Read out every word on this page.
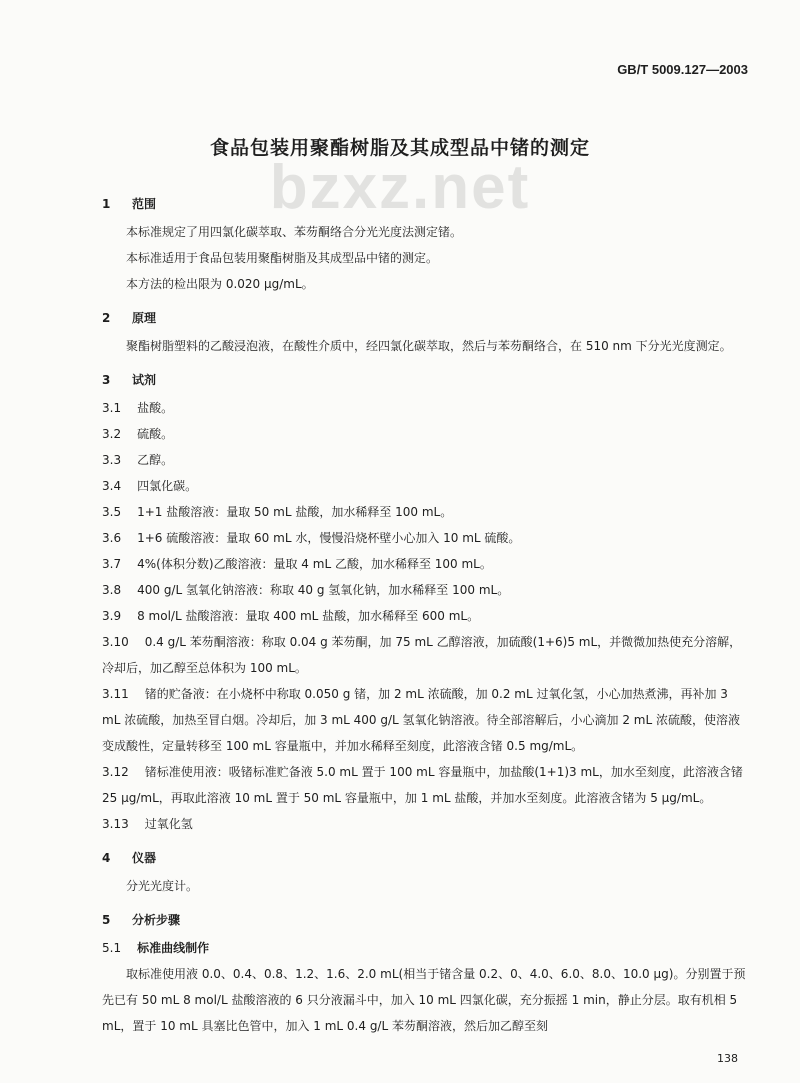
GB/T 5009.127—2003
食品包装用聚酯树脂及其成型品中锗的测定
bzxz.net
1 范围
本标准规定了用四氯化碳萃取、苯芴酮络合分光光度法测定锗。
本标准适用于食品包装用聚酯树脂及其成型品中锗的测定。
本方法的检出限为 0.020 μg/mL。
2 原理
聚酯树脂塑料的乙酸浸泡液，在酸性介质中，经四氯化碳萃取，然后与苯芴酮络合，在 510 nm 下分光光度测定。
3 试剂
3.1 盐酸。
3.2 硫酸。
3.3 乙醇。
3.4 四氯化碳。
3.5 1+1 盐酸溶液：量取 50 mL 盐酸，加水稀释至 100 mL。
3.6 1+6 硫酸溶液：量取 60 mL 水，慢慢沿烧杯壁小心加入 10 mL 硫酸。
3.7 4%(体积分数)乙酸溶液：量取 4 mL 乙酸，加水稀释至 100 mL。
3.8 400 g/L 氢氧化钠溶液：称取 40 g 氢氧化钠，加水稀释至 100 mL。
3.9 8 mol/L 盐酸溶液：量取 400 mL 盐酸，加水稀释至 600 mL。
3.10 0.4 g/L 苯芴酮溶液：称取 0.04 g 苯芴酮，加 75 mL 乙醇溶液，加硫酸(1+6)5 mL，并微微加热使充分溶解，冷却后，加乙醇至总体积为 100 mL。
3.11 锗的贮备液：在小烧杯中称取 0.050 g 锗，加 2 mL 浓硫酸，加 0.2 mL 过氧化氢，小心加热煮沸，再补加 3 mL 浓硫酸，加热至冒白烟。冷却后，加 3 mL 400 g/L 氢氧化钠溶液。待全部溶解后，小心滴加 2 mL 浓硫酸，使溶液变成酸性，定量转移至 100 mL 容量瓶中，并加水稀释至刻度，此溶液含锗 0.5 mg/mL。
3.12 锗标准使用液：吸锗标准贮备液 5.0 mL 置于 100 mL 容量瓶中，加盐酸(1+1)3 mL，加水至刻度，此溶液含锗 25 μg/mL，再取此溶液 10 mL 置于 50 mL 容量瓶中，加 1 mL 盐酸，并加水至刻度。此溶液含锗为 5 μg/mL。
3.13 过氧化氢
4 仪器
分光光度计。
5 分析步骤
5.1 标准曲线制作
取标准使用液 0.0、0.4、0.8、1.2、1.6、2.0 mL(相当于锗含量 0.2、0、4.0、6.0、8.0、10.0 μg)。分别置于预先已有 50 mL 8 mol/L 盐酸溶液的 6 只分液漏斗中，加入 10 mL 四氯化碳，充分振摇 1 min，静止分层。取有机相 5 mL，置于 10 mL 具塞比色管中，加入 1 mL 0.4 g/L 苯芴酮溶液，然后加乙醇至刻
138
